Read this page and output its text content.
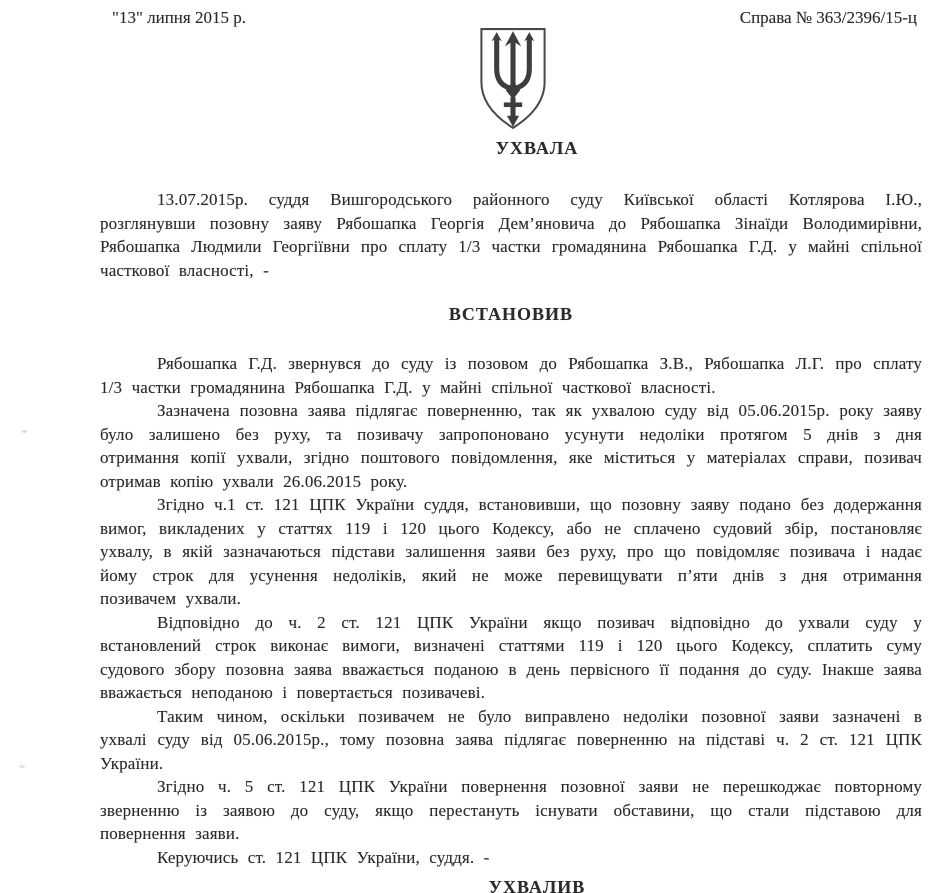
"13" липня 2015 р.	Справа № 363/2396/15-ц
УХВАЛА

13.07.2015р. суддя Вишгородського районного суду Київської області Котлярова І.Ю., розглянувши позовну заяву Рябошапка Георгія Дем’яновича до Рябошапка Зінаїди Володимирівни, Рябошапка Людмили Георгіївни про сплату 1/3 частки громадянина Рябошапка Г.Д. у майні спільної часткової власності, -

ВСТАНОВИВ

Рябошапка Г.Д. звернувся до суду із позовом до Рябошапка З.В., Рябошапка Л.Г. про сплату 1/3 частки громадянина Рябошапка Г.Д. у майні спільної часткової власності.

Зазначена позовна заява підлягає поверненню, так як ухвалою суду від 05.06.2015р. року заяву було залишено без руху, та позивачу запропоновано усунути недоліки протягом 5 днів з дня отримання копії ухвали, згідно поштового повідомлення, яке міститься у матеріалах справи, позивач отримав копію ухвали 26.06.2015 року.

Згідно ч.1 ст. 121 ЦПК України суддя, встановивши, що позовну заяву подано без додержання вимог, викладених у статтях 119 і 120 цього Кодексу, або не сплачено судовий збір, постановляє ухвалу, в якій зазначаються підстави залишення заяви без руху, про що повідомляє позивача і надає йому строк для усунення недоліків, який не може перевищувати п’яти днів з дня отримання позивачем ухвали.

Відповідно до ч. 2 ст. 121 ЦПК України якщо позивач відповідно до ухвали суду у встановлений строк виконає вимоги, визначені статтями 119 і 120 цього Кодексу, сплатить суму судового збору позовна заява вважається поданою в день первісного її подання до суду. Інакше заява вважається неподаною і повертається позивачеві.

Таким чином, оскільки позивачем не було виправлено недоліки позовної заяви зазначені в ухвалі суду від 05.06.2015р., тому позовна заява підлягає поверненню на підставі ч. 2 ст. 121 ЦПК України.

Згідно ч. 5 ст. 121 ЦПК України повернення позовної заяви не перешкоджає повторному зверненню із заявою до суду, якщо перестануть існувати обставини, що стали підставою для повернення заяви.

Керуючись ст. 121 ЦПК України, суддя. -

УХВАЛИВ
